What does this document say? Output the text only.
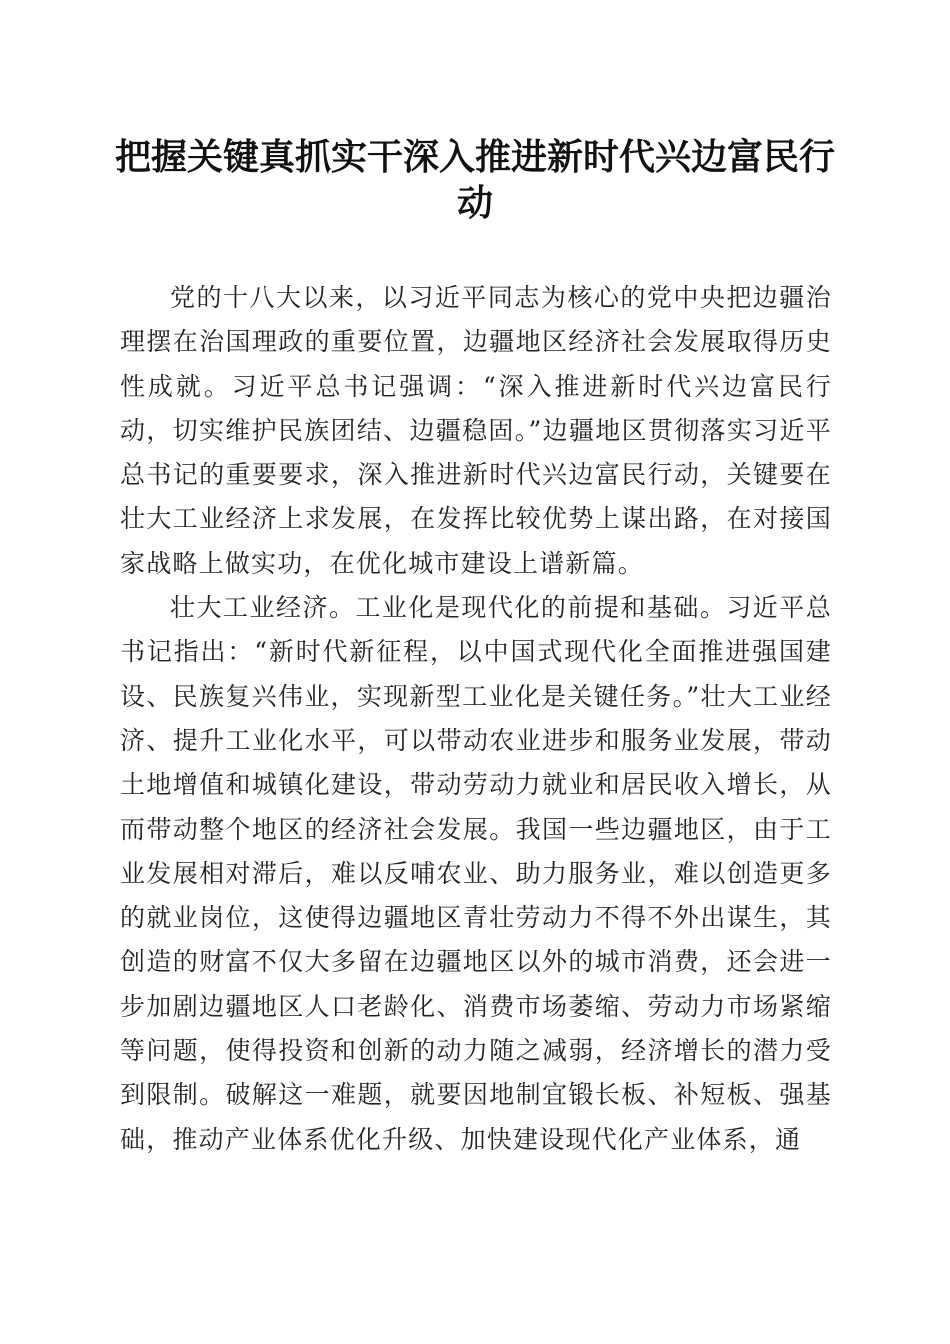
把握关键真抓实干深入推进新时代兴边富民行动

党的十八大以来，以习近平同志为核心的党中央把边疆治理摆在治国理政的重要位置，边疆地区经济社会发展取得历史性成就。习近平总书记强调：“深入推进新时代兴边富民行动，切实维护民族团结、边疆稳固。”边疆地区贯彻落实习近平总书记的重要要求，深入推进新时代兴边富民行动，关键要在壮大工业经济上求发展，在发挥比较优势上谋出路，在对接国家战略上做实功，在优化城市建设上谱新篇。

壮大工业经济。工业化是现代化的前提和基础。习近平总书记指出：“新时代新征程，以中国式现代化全面推进强国建设、民族复兴伟业，实现新型工业化是关键任务。”壮大工业经济、提升工业化水平，可以带动农业进步和服务业发展，带动土地增值和城镇化建设，带动劳动力就业和居民收入增长，从而带动整个地区的经济社会发展。我国一些边疆地区，由于工业发展相对滞后，难以反哺农业、助力服务业，难以创造更多的就业岗位，这使得边疆地区青壮劳动力不得不外出谋生，其创造的财富不仅大多留在边疆地区以外的城市消费，还会进一步加剧边疆地区人口老龄化、消费市场萎缩、劳动力市场紧缩等问题，使得投资和创新的动力随之减弱，经济增长的潜力受到限制。破解这一难题，就要因地制宜锻长板、补短板、强基础，推动产业体系优化升级、加快建设现代化产业体系，通
